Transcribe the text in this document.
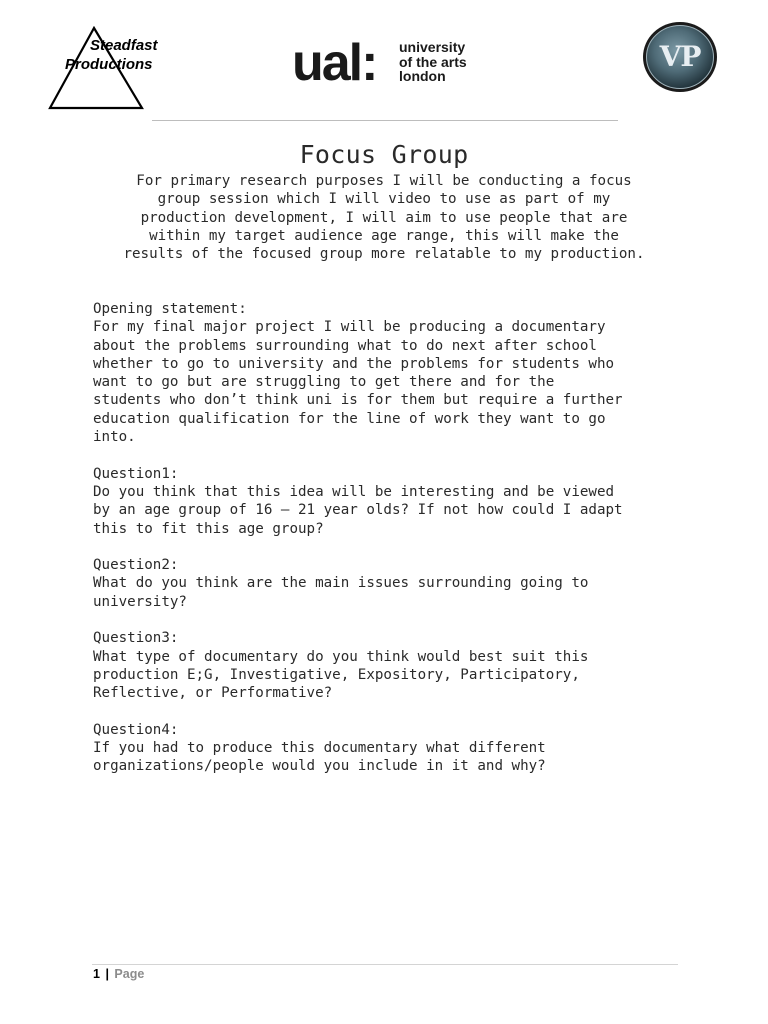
Steadfast
Productions	ual: university
of the arts
london
VP
Focus Group
For primary research purposes I will be conducting a focus
group session which I will video to use as part of my
production development, I will aim to use people that are
within my target audience age range, this will make the
results of the focused group more relatable to my production.
Opening statement:
For my final major project I will be producing a documentary
about the problems surrounding what to do next after school
whether to go to university and the problems for students who
want to go but are struggling to get there and for the
students who don’t think uni is for them but require a further
education qualification for the line of work they want to go
into.
Question1:
Do you think that this idea will be interesting and be viewed
by an age group of 16 – 21 year olds? If not how could I adapt
this to fit this age group?
Question2:
What do you think are the main issues surrounding going to
university?
Question3:
What type of documentary do you think would best suit this
production E;G, Investigative, Expository, Participatory,
Reflective, or Performative?
Question4:
If you had to produce this documentary what different
organizations/people would you include in it and why?
1 | Page
